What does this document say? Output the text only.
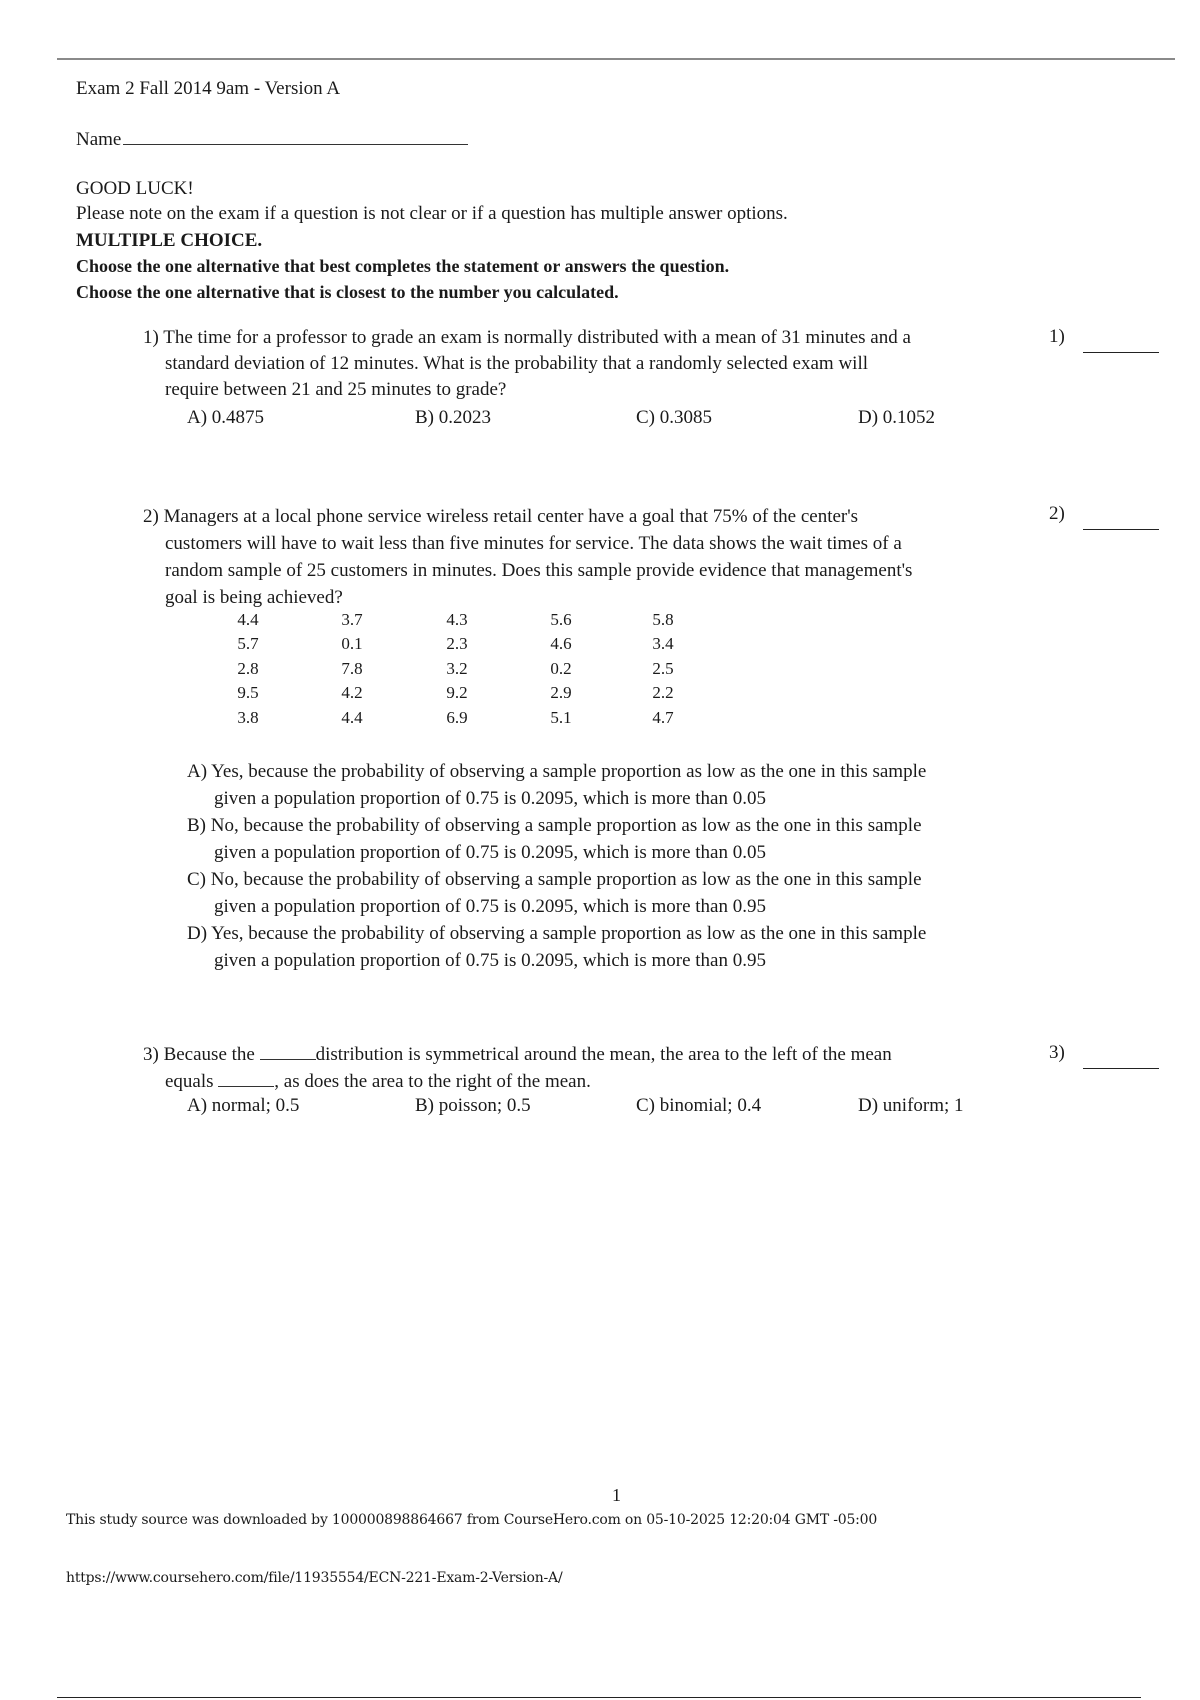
Exam 2 Fall 2014 9am - Version A
Name
GOOD LUCK!
Please note on the exam if a question is not clear or if a question has multiple answer options.
MULTIPLE CHOICE.
Choose the one alternative that best completes the statement or answers the question.
Choose the one alternative that is closest to the number you calculated.
1) The time for a professor to grade an exam is normally distributed with a mean of 31 minutes and a
standard deviation of 12 minutes. What is the probability that a randomly selected exam will
require between 21 and 25 minutes to grade?
1)
A) 0.4875	B) 0.2023	C) 0.3085	D) 0.1052
2) Managers at a local phone service wireless retail center have a goal that 75% of the center's
customers will have to wait less than five minutes for service. The data shows the wait times of a
random sample of 25 customers in minutes. Does this sample provide evidence that management's
goal is being achieved?
2)
4.4	3.7	4.3	5.6	5.8
5.7	0.1	2.3	4.6	3.4
2.8	7.8	3.2	0.2	2.5
9.5	4.2	9.2	2.9	2.2
3.8	4.4	6.9	5.1	4.7
A) Yes, because the probability of observing a sample proportion as low as the one in this sample
given a population proportion of 0.75 is 0.2095, which is more than 0.05
B) No, because the probability of observing a sample proportion as low as the one in this sample
given a population proportion of 0.75 is 0.2095, which is more than 0.05
C) No, because the probability of observing a sample proportion as low as the one in this sample
given a population proportion of 0.75 is 0.2095, which is more than 0.95
D) Yes, because the probability of observing a sample proportion as low as the one in this sample
given a population proportion of 0.75 is 0.2095, which is more than 0.95
3) Because the	distribution is symmetrical around the mean, the area to the left of the mean
equals	, as does the area to the right of the mean.
3)
A) normal; 0.5	B) poisson; 0.5	C) binomial; 0.4	D) uniform; 1
1
This study source was downloaded by 100000898864667 from CourseHero.com on 05-10-2025 12:20:04 GMT -05:00
https://www.coursehero.com/file/11935554/ECN-221-Exam-2-Version-A/
